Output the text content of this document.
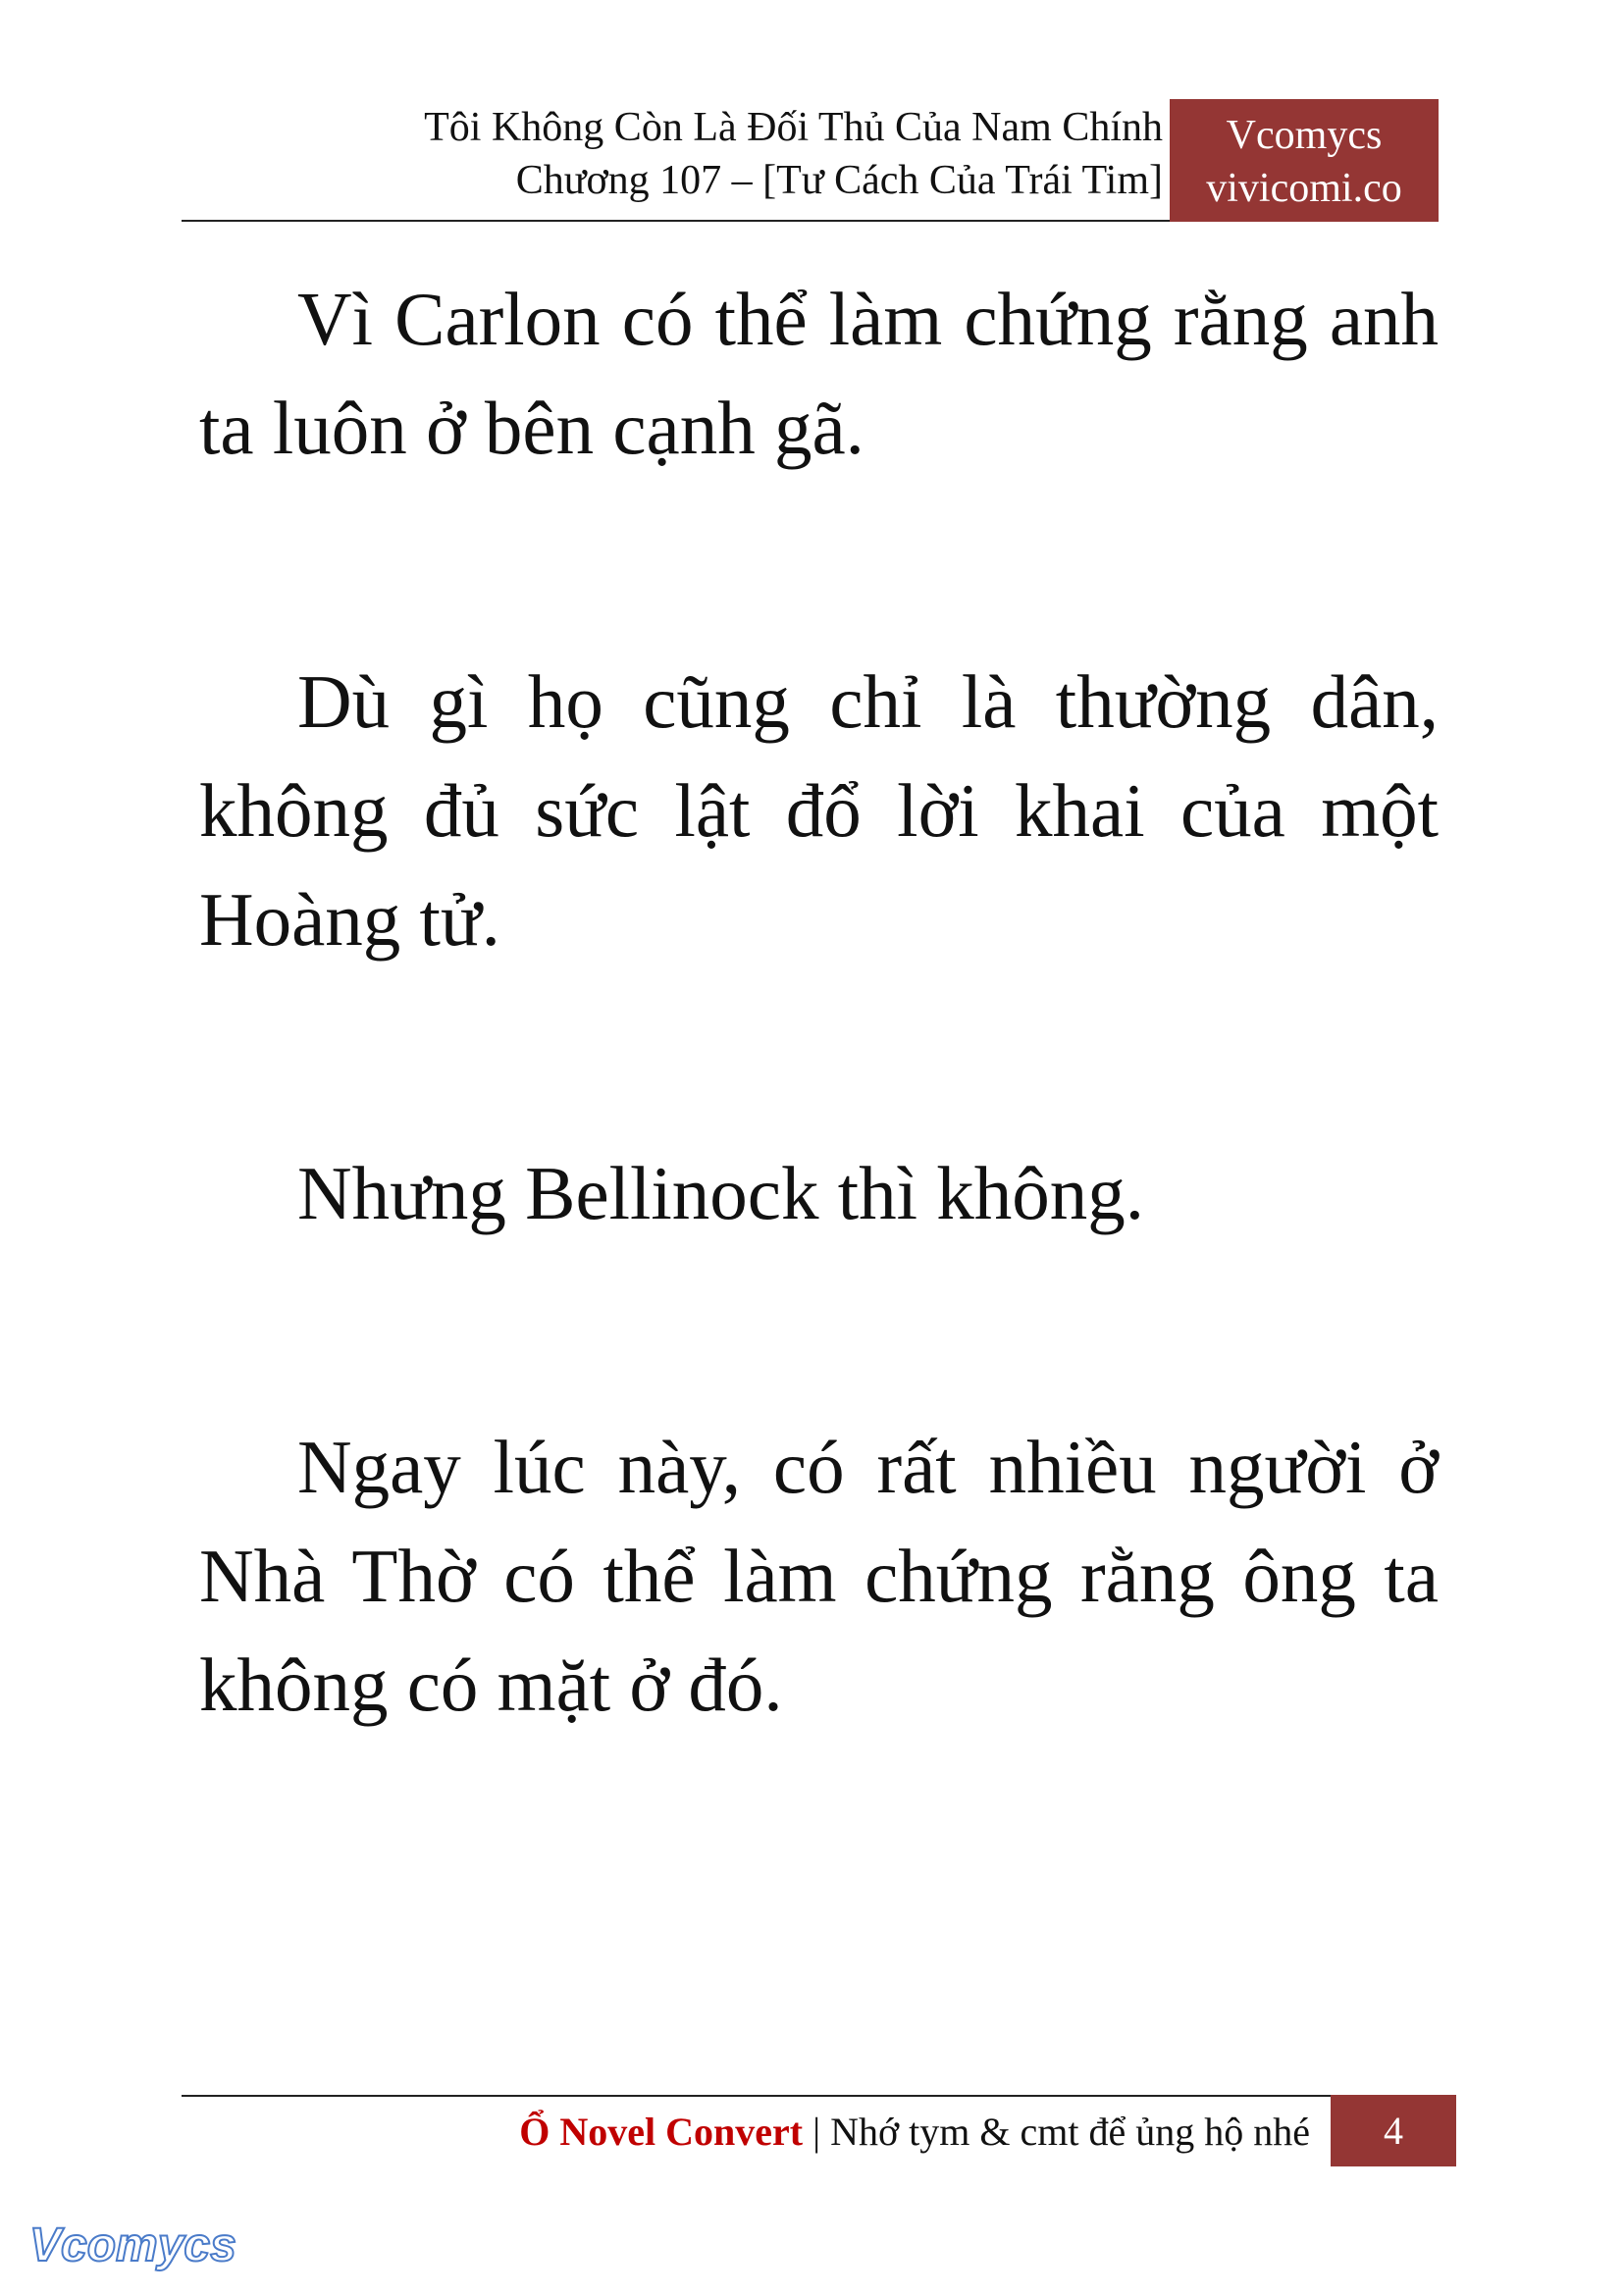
Tôi Không Còn Là Đối Thủ Của Nam Chính
Chương 107 – [Tư Cách Của Trái Tim]
Vcomycs
vivicomi.co

Vì Carlon có thể làm chứng rằng anh ta luôn ở bên cạnh gã.

Dù gì họ cũng chỉ là thường dân, không đủ sức lật đổ lời khai của một Hoàng tử.

Nhưng Bellinock thì không.

Ngay lúc này, có rất nhiều người ở Nhà Thờ có thể làm chứng rằng ông ta không có mặt ở đó.

Ổ Novel Convert | Nhớ tym & cmt để ủng hộ nhé	4
Vcomycs
